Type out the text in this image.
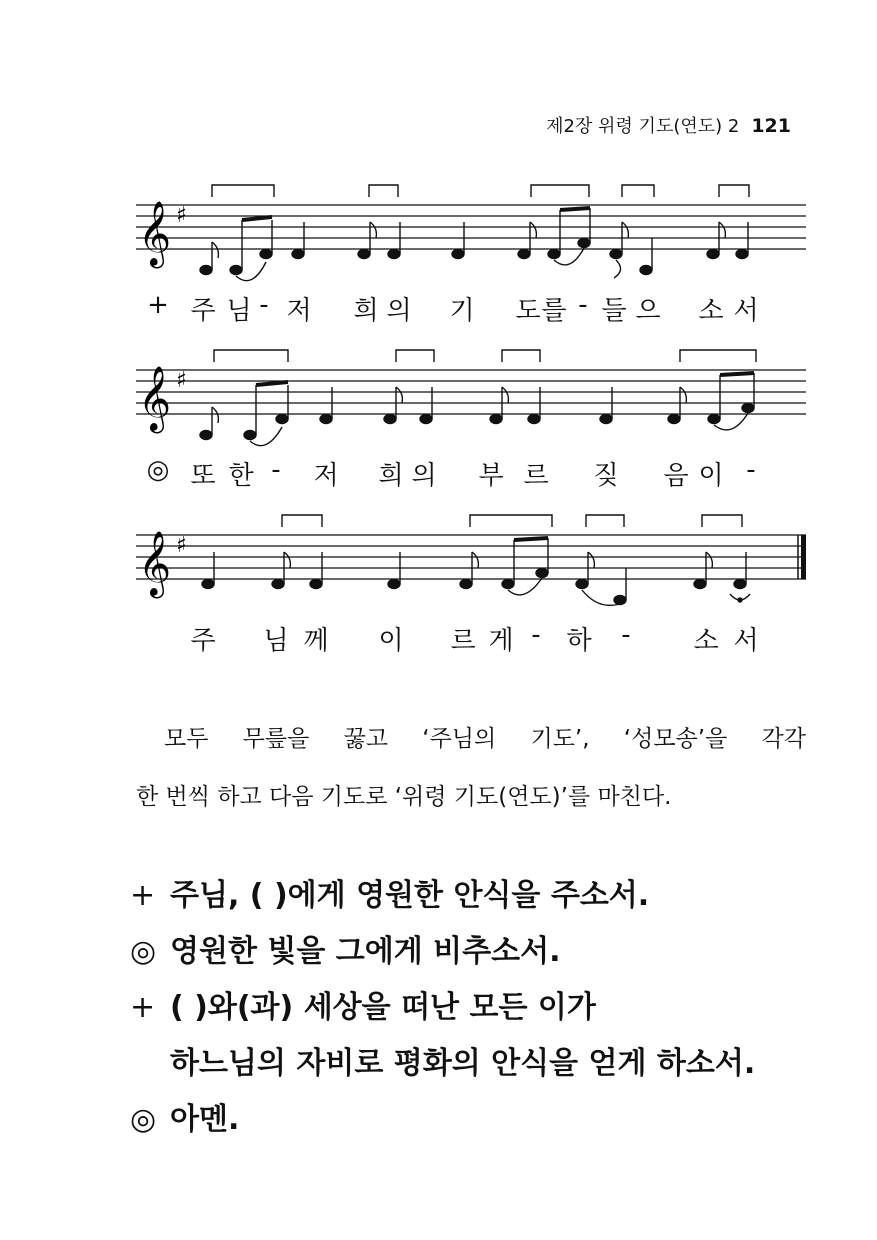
제2장 위령 기도(연도) 2 121
𝄞 ♯
+ 주 님 - 저 희 의 기 도 를 - 들 으 소 서
𝄞 ♯
◎ 또 한 - 저 희 의 부 르 짖 음 이 -
𝄞 ♯
주 님 께 이 르 게 - 하 - 소 서

모두 무릎을 꿇고 ‘주님의 기도’, ‘성모송’을 각각

한 번씩 하고 다음 기도로 ‘위령 기도(연도)’를 마친다.

+ 주님, ( )에게 영원한 안식을 주소서.
◎ 영원한 빛을 그에게 비추소서.
+ ( )와(과) 세상을 떠난 모든 이가
하느님의 자비로 평화의 안식을 얻게 하소서.
◎ 아멘.
